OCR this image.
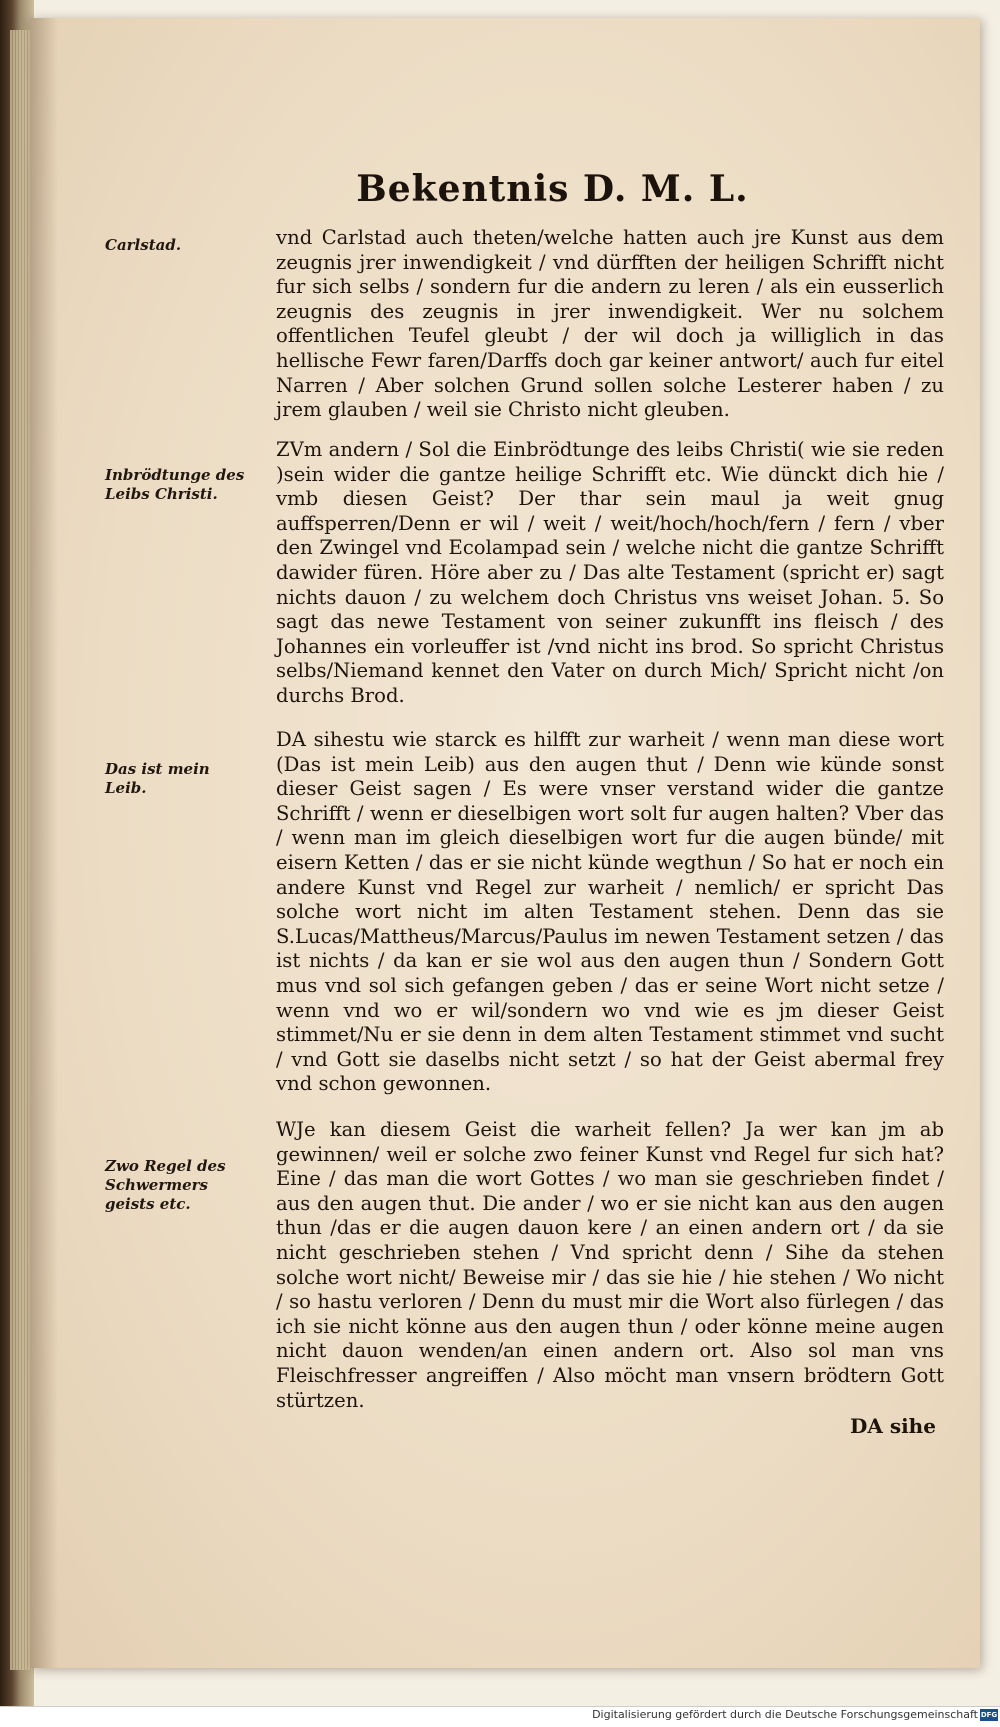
Bekentnis D. M. L.
Carlstad.
Inbrödtunge des Leibs Christi.
Das ist mein Leib.
Zwo Regel des Schwermers geists etc.

vnd Carlstad auch theten/welche hatten auch jre Kunst aus dem zeugnis jrer inwendigkeit / vnd dürfften der heiligen Schrifft nicht fur sich selbs / sondern fur die andern zu leren / als ein eusserlich zeugnis des zeugnis in jrer inwendigkeit. Wer nu solchem offentlichen Teufel gleubt / der wil doch ja williglich in das hellische Fewr faren/Darffs doch gar keiner antwort/ auch fur eitel Narren / Aber solchen Grund sollen solche Lesterer haben / zu jrem glauben / weil sie Christo nicht gleuben.

ZVm andern / Sol die Einbrödtunge des leibs Christi( wie sie reden )sein wider die gantze heilige Schrifft etc. Wie dünckt dich hie / vmb diesen Geist? Der thar sein maul ja weit gnug auffsperren/Denn er wil / weit / weit/hoch/hoch/fern / fern / vber den Zwingel vnd Ecolampad sein / welche nicht die gantze Schrifft dawider füren. Höre aber zu / Das alte Testament (spricht er) sagt nichts dauon / zu welchem doch Christus vns weiset Johan. 5. So sagt das newe Testament von seiner zukunfft ins fleisch / des Johannes ein vorleuffer ist /vnd nicht ins brod. So spricht Christus selbs/Niemand kennet den Vater on durch Mich/ Spricht nicht /on durchs Brod.

DA sihestu wie starck es hilfft zur warheit / wenn man diese wort (Das ist mein Leib) aus den augen thut / Denn wie künde sonst dieser Geist sagen / Es were vnser verstand wider die gantze Schrifft / wenn er dieselbigen wort solt fur augen halten? Vber das / wenn man im gleich dieselbigen wort fur die augen bünde/ mit eisern Ketten / das er sie nicht künde wegthun / So hat er noch ein andere Kunst vnd Regel zur warheit / nemlich/ er spricht Das solche wort nicht im alten Testament stehen. Denn das sie S.Lucas/Mattheus/Marcus/Paulus im newen Testament setzen / das ist nichts / da kan er sie wol aus den augen thun / Sondern Gott mus vnd sol sich gefangen geben / das er seine Wort nicht setze / wenn vnd wo er wil/sondern wo vnd wie es jm dieser Geist stimmet/Nu er sie denn in dem alten Testament stimmet vnd sucht / vnd Gott sie daselbs nicht setzt / so hat der Geist abermal frey vnd schon gewonnen.

WJe kan diesem Geist die warheit fellen? Ja wer kan jm ab gewinnen/ weil er solche zwo feiner Kunst vnd Regel fur sich hat? Eine / das man die wort Gottes / wo man sie geschrieben findet / aus den augen thut. Die ander / wo er sie nicht kan aus den augen thun /das er die augen dauon kere / an einen andern ort / da sie nicht geschrieben stehen / Vnd spricht denn / Sihe da stehen solche wort nicht/ Beweise mir / das sie hie / hie stehen / Wo nicht / so hastu verloren / Denn du must mir die Wort also fürlegen / das ich sie nicht könne aus den augen thun / oder könne meine augen nicht dauon wenden/an einen andern ort. Also sol man vns Fleischfresser angreiffen / Also möcht man vnsern brödtern Gott stürtzen.

DA sihe
Digitalisierung gefördert durch die Deutsche Forschungsgemeinschaft DFG
